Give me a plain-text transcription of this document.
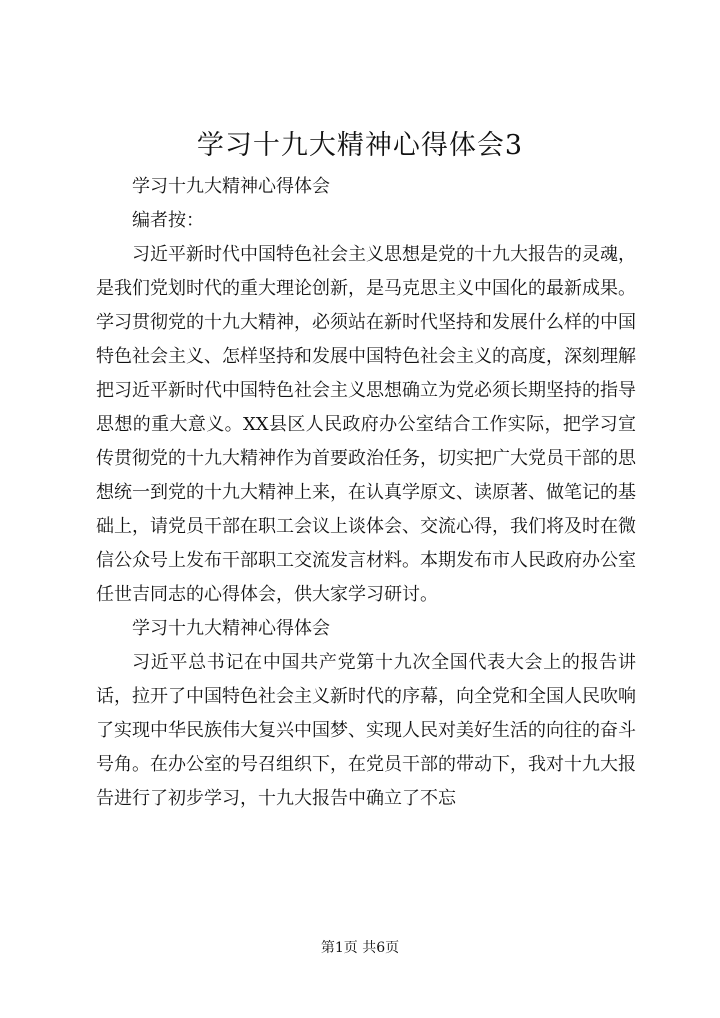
学习十九大精神心得体会3

学习十九大精神心得体会

编者按：

习近平新时代中国特色社会主义思想是党的十九大报告的灵魂，是我们党划时代的重大理论创新，是马克思主义中国化的最新成果。学习贯彻党的十九大精神，必须站在新时代坚持和发展什么样的中国特色社会主义、怎样坚持和发展中国特色社会主义的高度，深刻理解把习近平新时代中国特色社会主义思想确立为党必须长期坚持的指导思想的重大意义。XX县区人民政府办公室结合工作实际，把学习宣传贯彻党的十九大精神作为首要政治任务，切实把广大党员干部的思想统一到党的十九大精神上来，在认真学原文、读原著、做笔记的基础上，请党员干部在职工会议上谈体会、交流心得，我们将及时在微信公众号上发布干部职工交流发言材料。本期发布市人民政府办公室任世吉同志的心得体会，供大家学习研讨。

学习十九大精神心得体会

习近平总书记在中国共产党第十九次全国代表大会上的报告讲话，拉开了中国特色社会主义新时代的序幕，向全党和全国人民吹响了实现中华民族伟大复兴中国梦、实现人民对美好生活的向往的奋斗号角。在办公室的号召组织下，在党员干部的带动下，我对十九大报告进行了初步学习，十九大报告中确立了不忘

第1页 共6页
